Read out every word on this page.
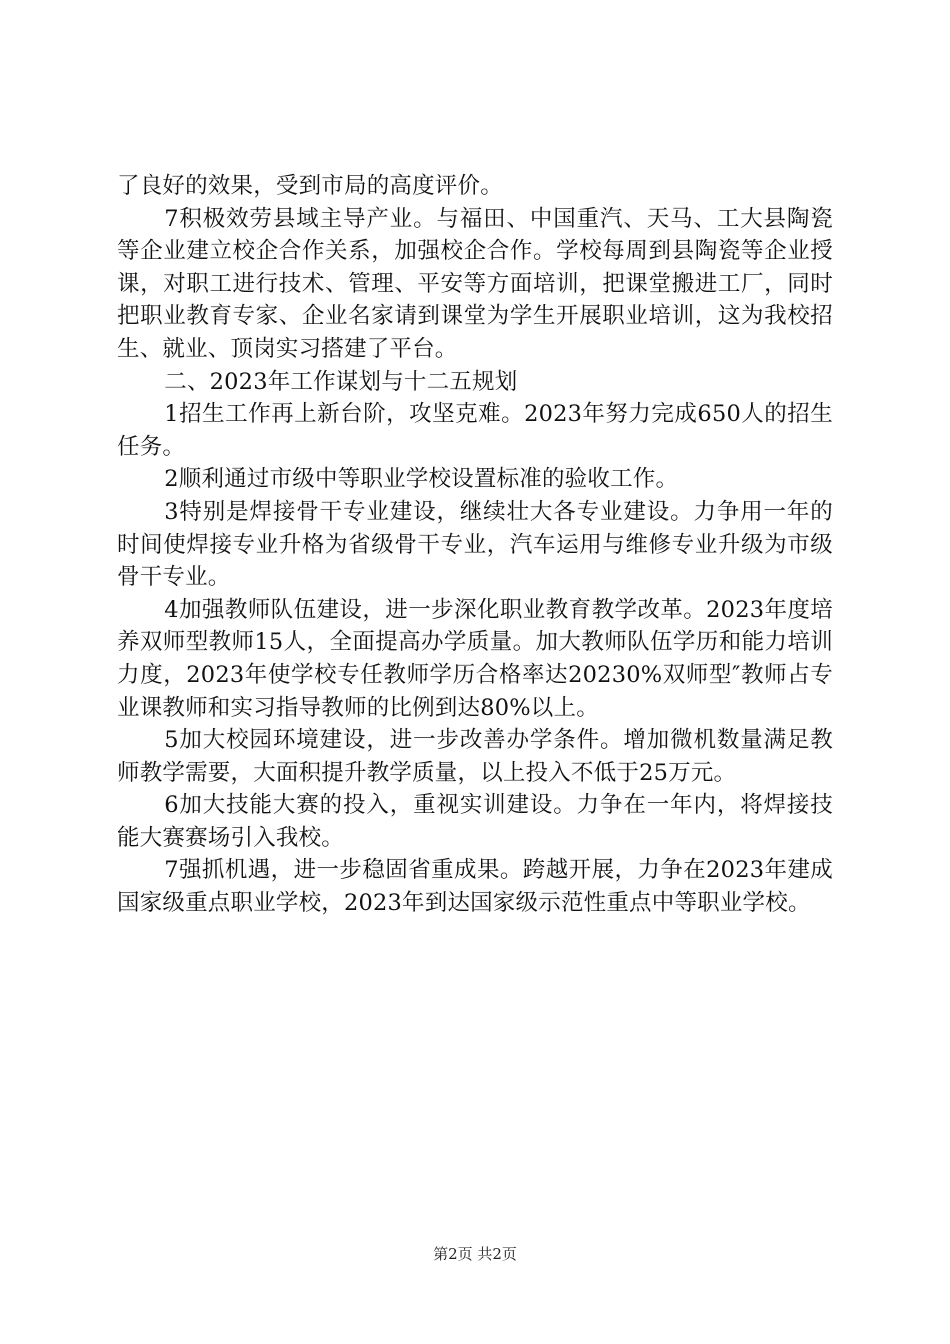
了良好的效果，受到市局的高度评价。

7积极效劳县域主导产业。与福田、中国重汽、天马、工大县陶瓷等企业建立校企合作关系，加强校企合作。学校每周到县陶瓷等企业授课，对职工进行技术、管理、平安等方面培训，把课堂搬进工厂，同时把职业教育专家、企业名家请到课堂为学生开展职业培训，这为我校招生、就业、顶岗实习搭建了平台。

二、2023年工作谋划与十二五规划

1招生工作再上新台阶，攻坚克难。2023年努力完成650人的招生任务。

2顺利通过市级中等职业学校设置标准的验收工作。

3特别是焊接骨干专业建设，继续壮大各专业建设。力争用一年的时间使焊接专业升格为省级骨干专业，汽车运用与维修专业升级为市级骨干专业。

4加强教师队伍建设，进一步深化职业教育教学改革。2023年度培养双师型教师15人，全面提高办学质量。加大教师队伍学历和能力培训力度，2023年使学校专任教师学历合格率达20230%双师型″教师占专业课教师和实习指导教师的比例到达80%以上。

5加大校园环境建设，进一步改善办学条件。增加微机数量满足教师教学需要，大面积提升教学质量，以上投入不低于25万元。

6加大技能大赛的投入，重视实训建设。力争在一年内，将焊接技能大赛赛场引入我校。

7强抓机遇，进一步稳固省重成果。跨越开展，力争在2023年建成国家级重点职业学校，2023年到达国家级示范性重点中等职业学校。

第2页 共2页
